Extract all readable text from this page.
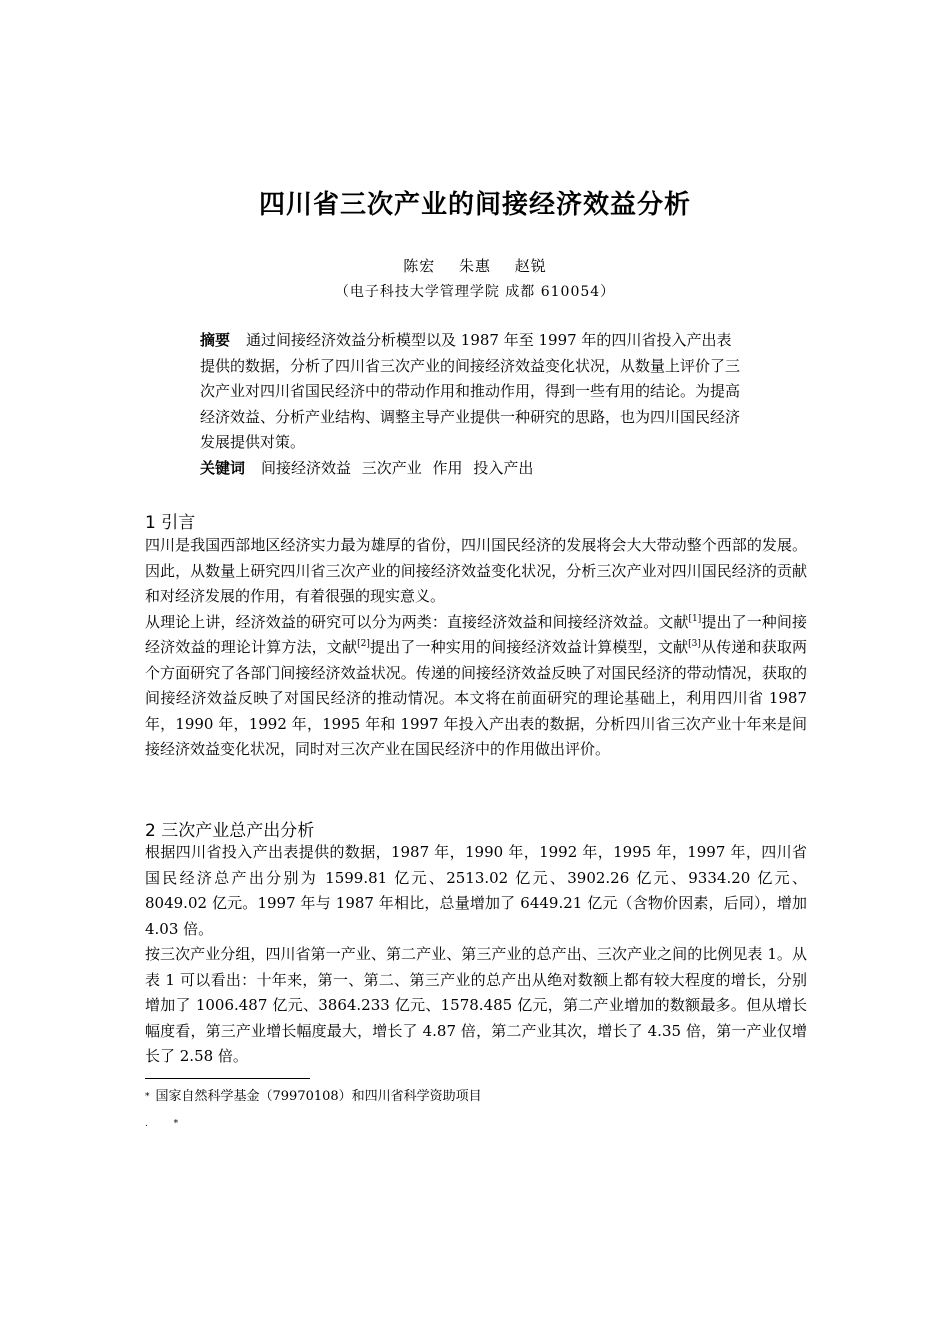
四川省三次产业的间接经济效益分析
陈宏 朱惠 赵锐
（电子科技大学管理学院 成都 610054）
摘要 通过间接经济效益分析模型以及 1987 年至 1997 年的四川省投入产出表提供的数据，分析了四川省三次产业的间接经济效益变化状况，从数量上评价了三次产业对四川省国民经济中的带动作用和推动作用，得到一些有用的结论。为提高经济效益、分析产业结构、调整主导产业提供一种研究的思路，也为四川国民经济发展提供对策。
关键词 间接经济效益 三次产业 作用 投入产出
1 引言

四川是我国西部地区经济实力最为雄厚的省份，四川国民经济的发展将会大大带动整个西部的发展。因此，从数量上研究四川省三次产业的间接经济效益变化状况，分析三次产业对四川国民经济的贡献和对经济发展的作用，有着很强的现实意义。

从理论上讲，经济效益的研究可以分为两类：直接经济效益和间接经济效益。文献[1]提出了一种间接经济效益的理论计算方法，文献[2]提出了一种实用的间接经济效益计算模型，文献[3]从传递和获取两个方面研究了各部门间接经济效益状况。传递的间接经济效益反映了对国民经济的带动情况，获取的间接经济效益反映了对国民经济的推动情况。本文将在前面研究的理论基础上，利用四川省 1987 年，1990 年，1992 年，1995 年和 1997 年投入产出表的数据，分析四川省三次产业十年来是间接经济效益变化状况，同时对三次产业在国民经济中的作用做出评价。

2 三次产业总产出分析

根据四川省投入产出表提供的数据，1987 年，1990 年，1992 年，1995 年，1997 年，四川省国民经济总产出分别为 1599.81 亿元、2513.02 亿元、3902.26 亿元、9334.20 亿元、8049.02 亿元。1997 年与 1987 年相比，总量增加了 6449.21 亿元（含物价因素，后同），增加 4.03 倍。

按三次产业分组，四川省第一产业、第二产业、第三产业的总产出、三次产业之间的比例见表 1。从表 1 可以看出：十年来，第一、第二、第三产业的总产出从绝对数额上都有较大程度的增长，分别增加了 1006.487 亿元、3864.233 亿元、1578.485 亿元，第二产业增加的数额最多。但从增长幅度看，第三产业增长幅度最大，增长了 4.87 倍，第二产业其次，增长了 4.35 倍，第一产业仅增长了 2.58 倍。

* 国家自然科学基金（79970108）和四川省科学资助项目
.         *
